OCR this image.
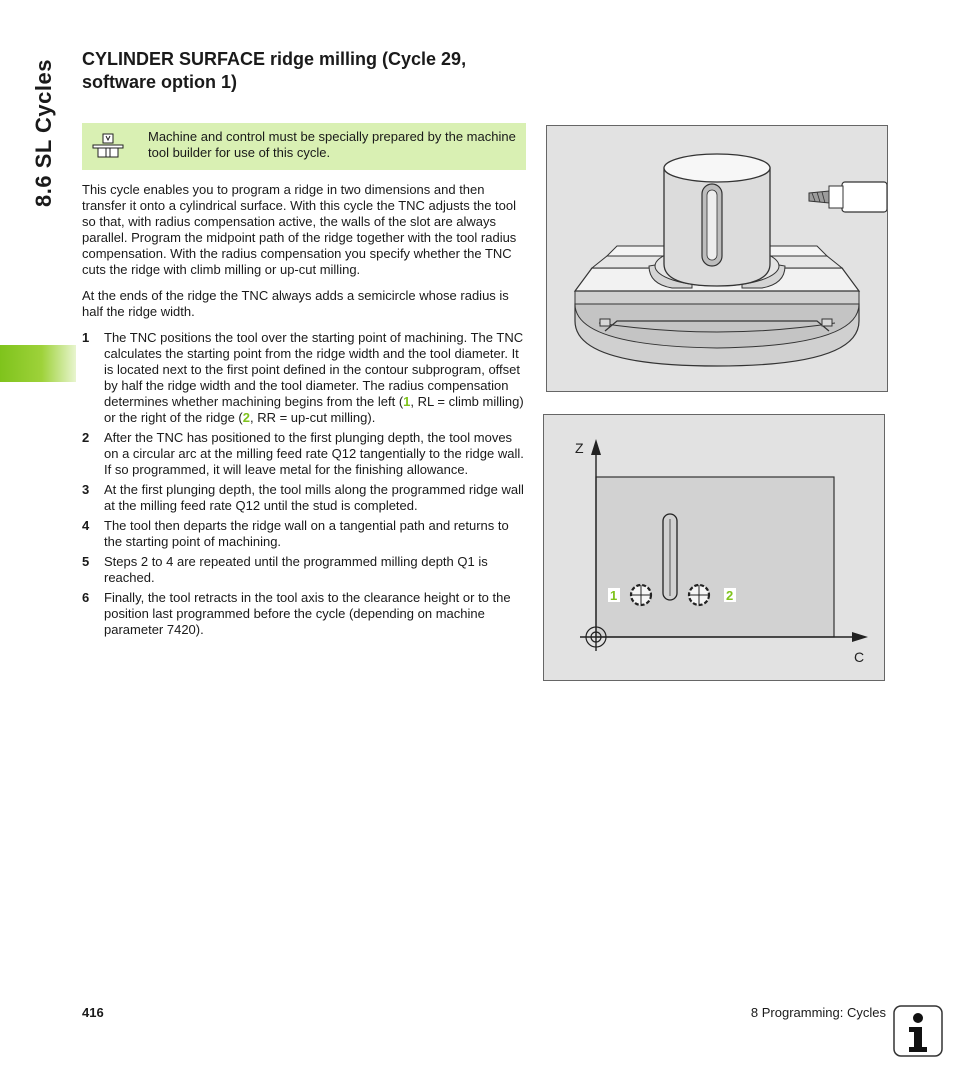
8.6 SL Cycles
CYLINDER SURFACE ridge milling (Cycle 29, software option 1)
Machine and control must be specially prepared by the machine tool builder for use of this cycle.

This cycle enables you to program a ridge in two dimensions and then transfer it onto a cylindrical surface. With this cycle the TNC adjusts the tool so that, with radius compensation active, the walls of the slot are always parallel. Program the midpoint path of the ridge together with the tool radius compensation. With the radius compensation you specify whether the TNC cuts the ridge with climb milling or up-cut milling.

At the ends of the ridge the TNC always adds a semicircle whose radius is half the ridge width.

1 The TNC positions the tool over the starting point of machining. The TNC calculates the starting point from the ridge width and the tool diameter. It is located next to the first point defined in the contour subprogram, offset by half the ridge width and the tool diameter. The radius compensation determines whether machining begins from the left (1, RL = climb milling) or the right of the ridge (2, RR = up-cut milling).
2 After the TNC has positioned to the first plunging depth, the tool moves on a circular arc at the milling feed rate Q12 tangentially to the ridge wall. If so programmed, it will leave metal for the finishing allowance.
3 At the first plunging depth, the tool mills along the programmed ridge wall at the milling feed rate Q12 until the stud is completed.
4 The tool then departs the ridge wall on a tangential path and returns to the starting point of machining.
5 Steps 2 to 4 are repeated until the programmed milling depth Q1 is reached.
6 Finally, the tool retracts in the tool axis to the clearance height or to the position last programmed before the cycle (depending on machine parameter 7420).
Z
C
1	2
416	8 Programming: Cycles
